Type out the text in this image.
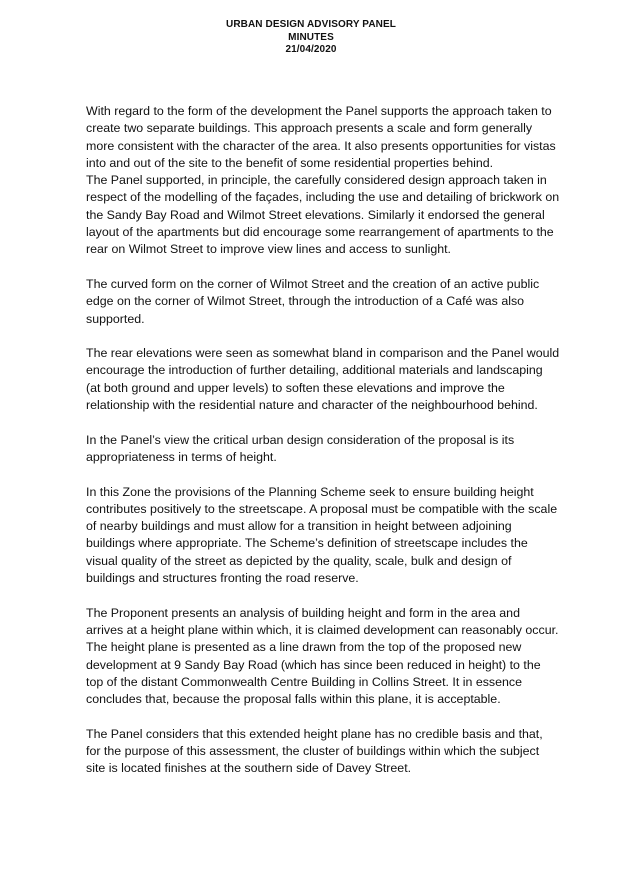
URBAN DESIGN ADVISORY PANEL
MINUTES
21/04/2020

With regard to the form of the development the Panel supports the approach taken to
create two separate buildings. This approach presents a scale and form generally
more consistent with the character of the area. It also presents opportunities for vistas
into and out of the site to the benefit of some residential properties behind.

The Panel supported, in principle, the carefully considered design approach taken in
respect of the modelling of the façades, including the use and detailing of brickwork on
the Sandy Bay Road and Wilmot Street elevations. Similarly it endorsed the general
layout of the apartments but did encourage some rearrangement of apartments to the
rear on Wilmot Street to improve view lines and access to sunlight.

The curved form on the corner of Wilmot Street and the creation of an active public
edge on the corner of Wilmot Street, through the introduction of a Café was also
supported.

The rear elevations were seen as somewhat bland in comparison and the Panel would
encourage the introduction of further detailing, additional materials and landscaping
(at both ground and upper levels) to soften these elevations and improve the
relationship with the residential nature and character of the neighbourhood behind.

In the Panel’s view the critical urban design consideration of the proposal is its
appropriateness in terms of height.

In this Zone the provisions of the Planning Scheme seek to ensure building height
contributes positively to the streetscape. A proposal must be compatible with the scale
of nearby buildings and must allow for a transition in height between adjoining
buildings where appropriate. The Scheme’s definition of streetscape includes the
visual quality of the street as depicted by the quality, scale, bulk and design of
buildings and structures fronting the road reserve.

The Proponent presents an analysis of building height and form in the area and
arrives at a height plane within which, it is claimed development can reasonably occur.
The height plane is presented as a line drawn from the top of the proposed new
development at 9 Sandy Bay Road (which has since been reduced in height) to the
top of the distant Commonwealth Centre Building in Collins Street. It in essence
concludes that, because the proposal falls within this plane, it is acceptable.

The Panel considers that this extended height plane has no credible basis and that,
for the purpose of this assessment, the cluster of buildings within which the subject
site is located finishes at the southern side of Davey Street.
